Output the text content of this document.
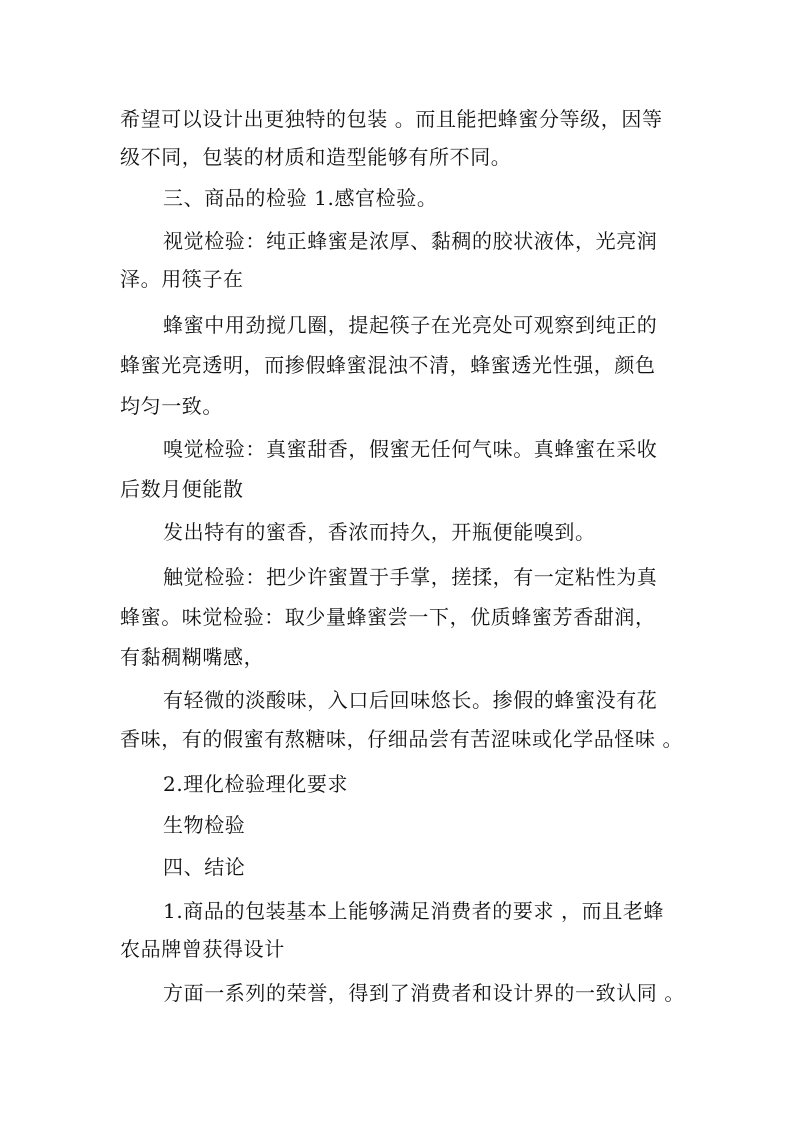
希望可以设计出更独特的包装 。而且能把蜂蜜分等级，因等
级不同，包装的材质和造型能够有所不同。
三、商品的检验 1.感官检验。
视觉检验：纯正蜂蜜是浓厚、黏稠的胶状液体，光亮润
泽。用筷子在
蜂蜜中用劲搅几圈，提起筷子在光亮处可观察到纯正的
蜂蜜光亮透明，而掺假蜂蜜混浊不清，蜂蜜透光性强，颜色
均匀一致。
嗅觉检验：真蜜甜香，假蜜无任何气味。真蜂蜜在采收
后数月便能散
发出特有的蜜香，香浓而持久，开瓶便能嗅到。
触觉检验：把少许蜜置于手掌，搓揉，有一定粘性为真
蜂蜜。味觉检验：取少量蜂蜜尝一下，优质蜂蜜芳香甜润，
有黏稠糊嘴感，
有轻微的淡酸味，入口后回味悠长。掺假的蜂蜜没有花
香味，有的假蜜有熬糖味，仔细品尝有苦涩味或化学品怪味 。
2.理化检验理化要求
生物检验
四、结论
1.商品的包装基本上能够满足消费者的要求 ，而且老蜂
农品牌曾获得设计
方面一系列的荣誉，得到了消费者和设计界的一致认同 。
